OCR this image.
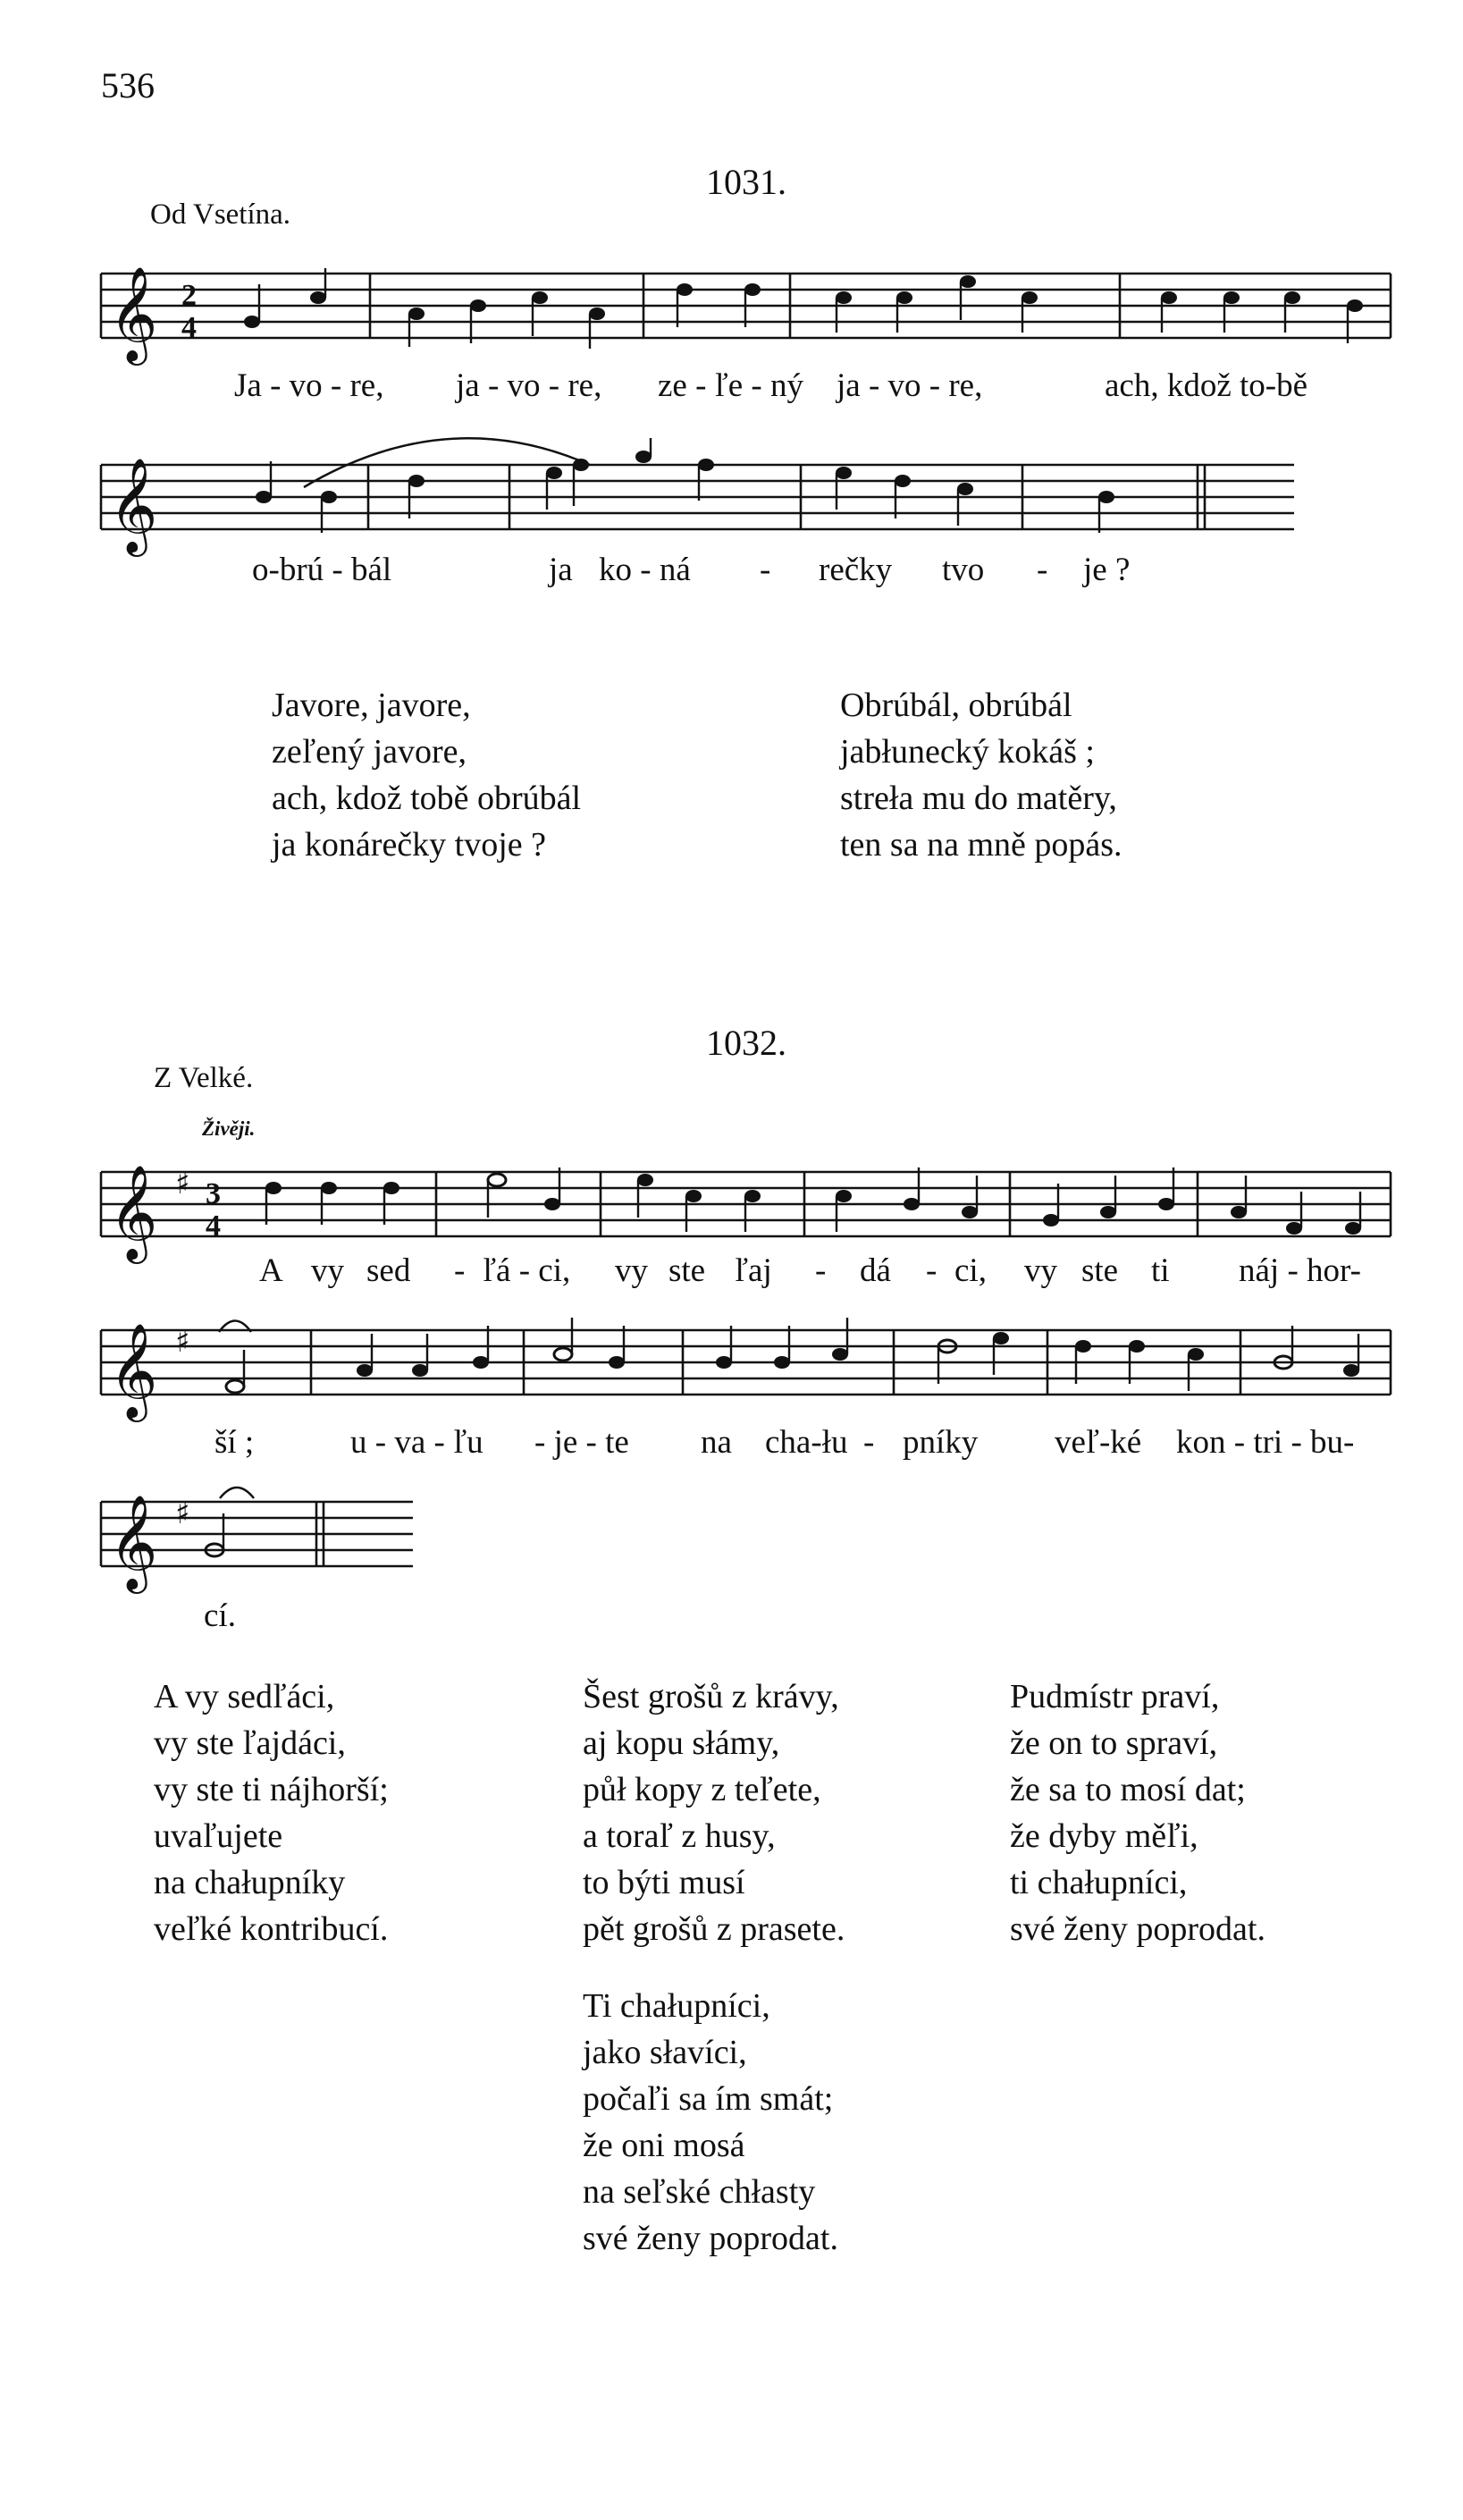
536
1031.
Od Vsetína.
𝄞 2
4
𝄞
𝄞 ♯ 3
4
𝄞 ♯
𝄞 ♯
Ja - vo - re, ja - vo - re, ze - ľe - ný ja - vo - re,	ach, kdož to-bě
o-brú - bál	ja ko - ná - rečky tvo - je ?
Javore, javore,
zeľený javore,
ach, kdož tobě obrúbál
ja konárečky tvoje ?
Obrúbál, obrúbál
jabłunecký kokáš ;
streła mu do matěry,
ten sa na mně popás.
1032.
Z Velké.
Živěji.
A vy sed - ľá - ci, vy ste ľaj - dá - ci, vy ste ti náj - hor-
ší ;	u - va - ľu - je - te na cha-łu - pníky veľ-ké kon - tri - bu-
cí.
A vy sedľáci,
vy ste ľajdáci,
vy ste ti nájhorší;
uvaľujete
na chałupníky
veľké kontribucí.
Šest grošů z krávy,
aj kopu słámy,
půł kopy z teľete,
a toraľ z husy,
to býti musí
pět grošů z prasete.
Pudmístr praví,
že on to spraví,
že sa to mosí dat;
že dyby měľi,
ti chałupníci,
své ženy poprodat.
Ti chałupníci,
jako słavíci,
počaľi sa ím smát;
že oni mosá
na seľské chłasty
své ženy poprodat.
